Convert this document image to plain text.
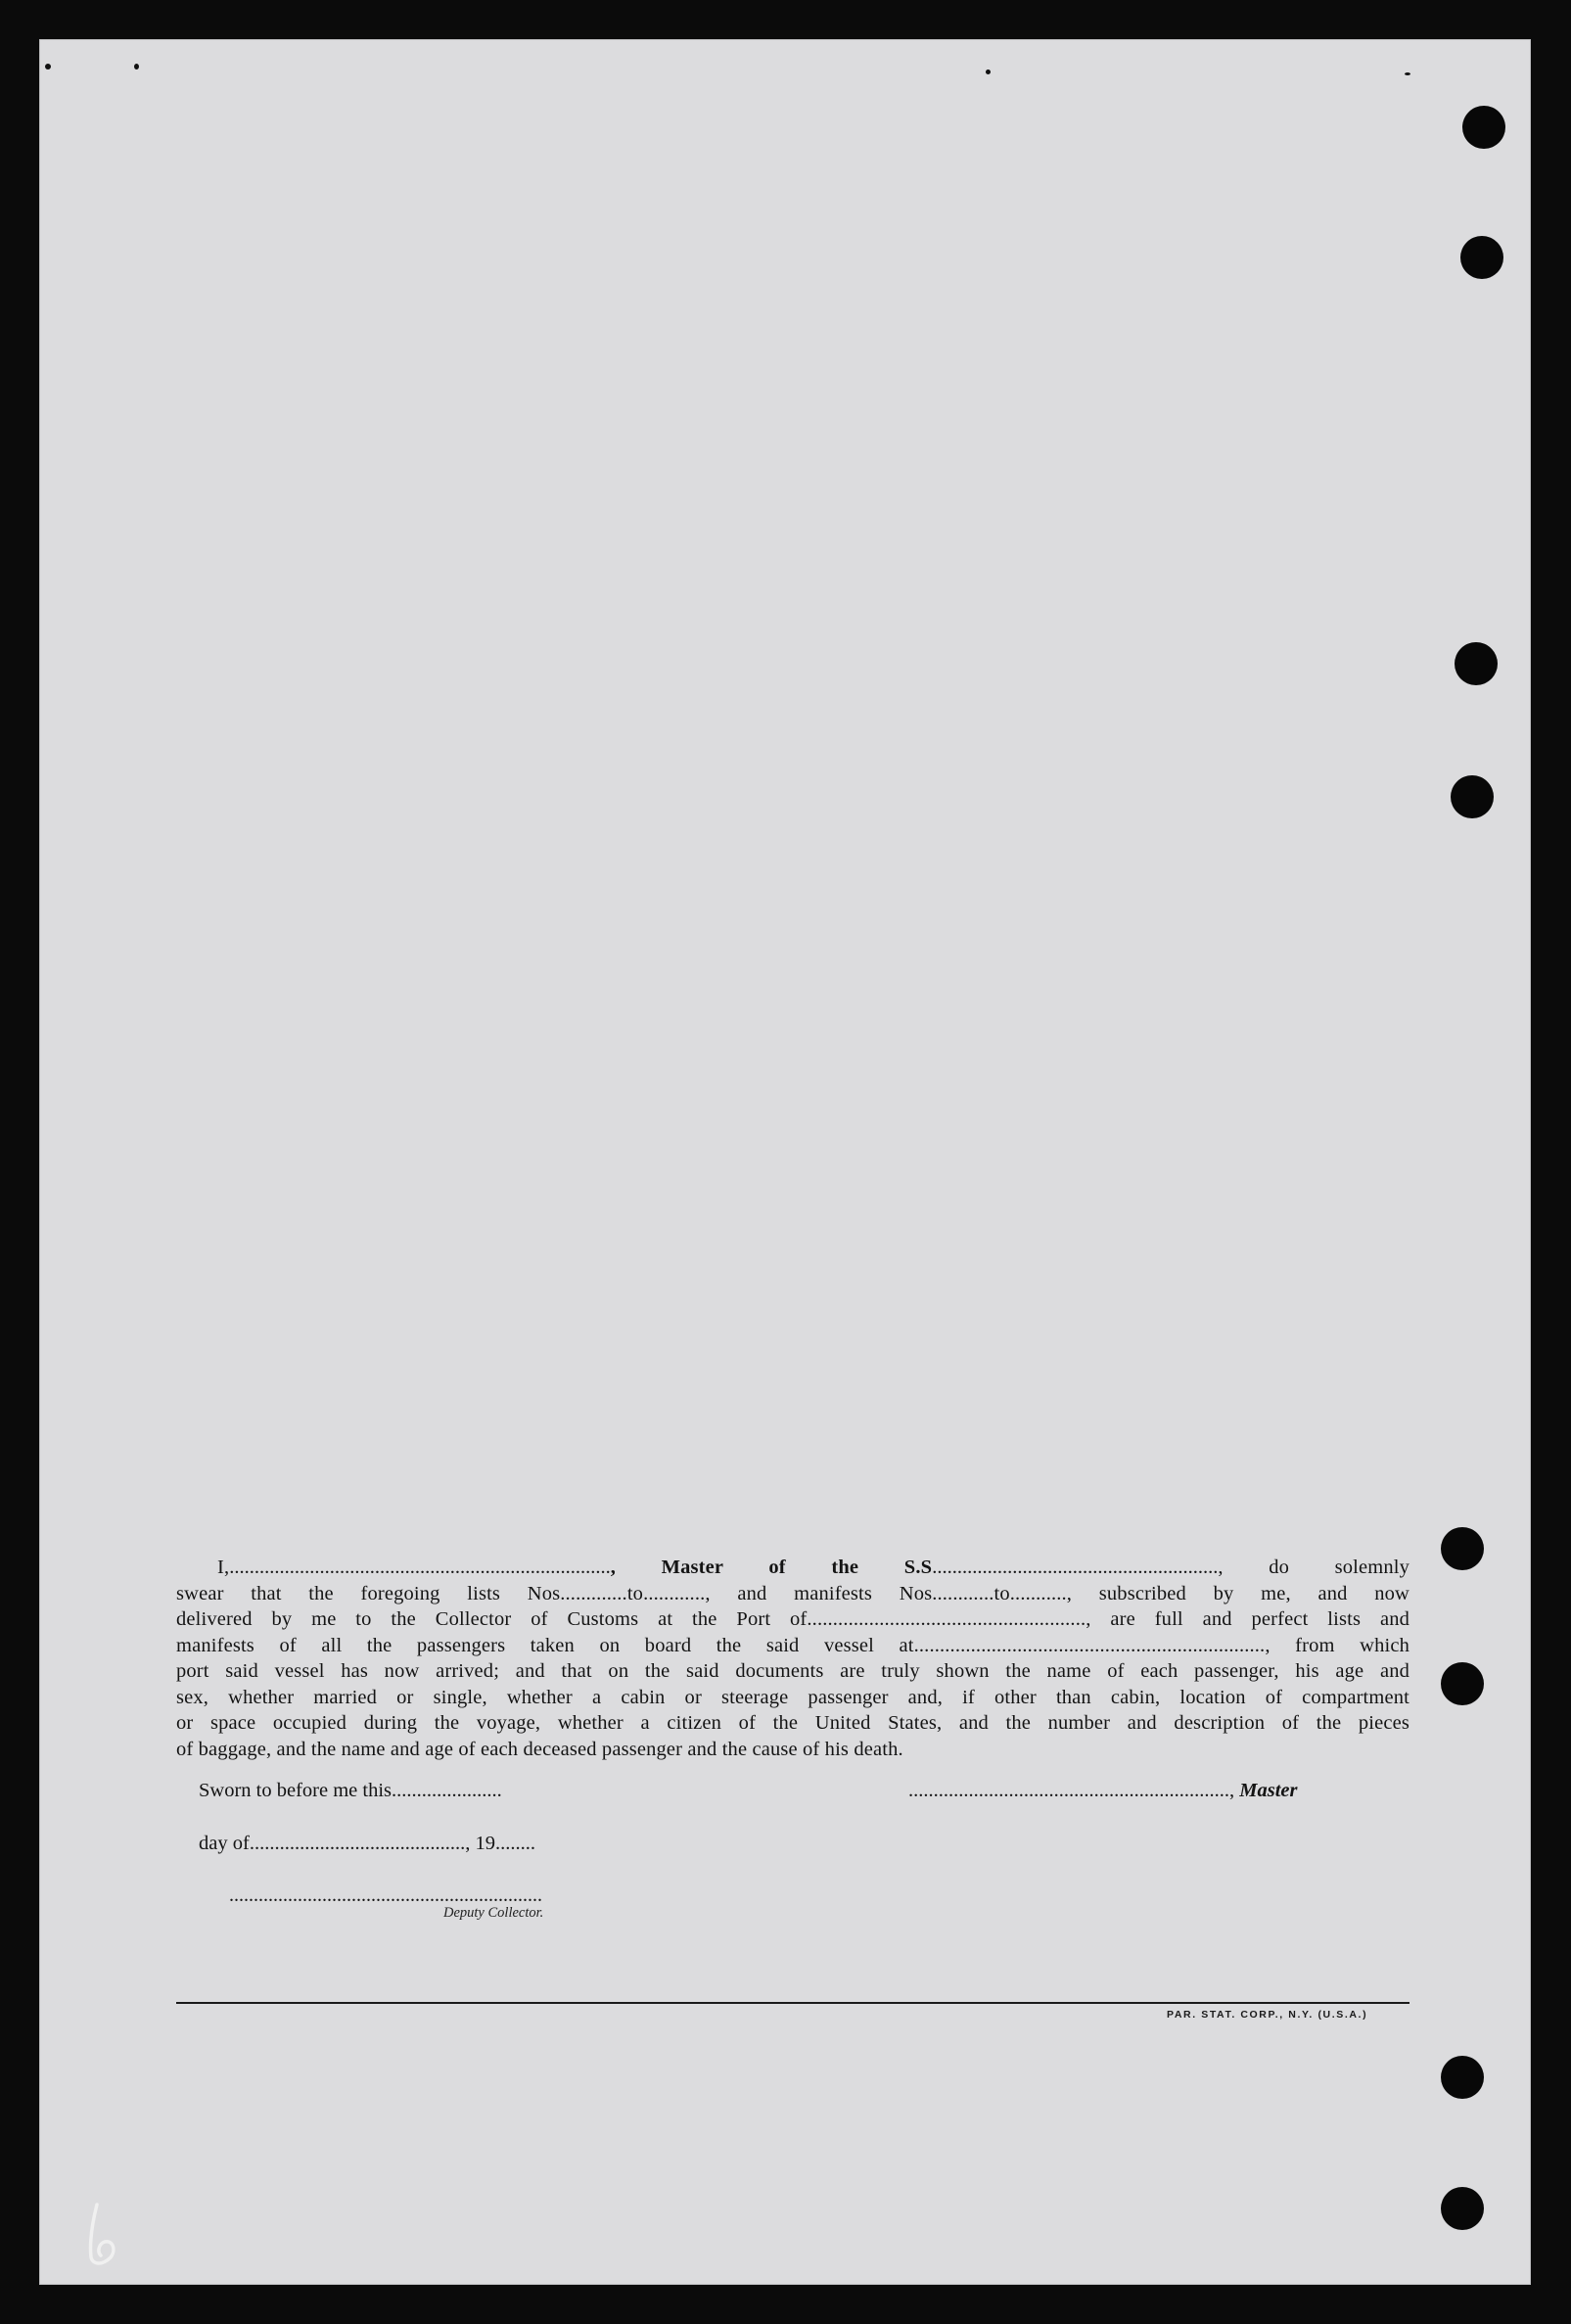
I,............................................................................, Master of the S.S........................................................., do solemnly
swear that the foregoing lists Nos.............to............, and manifests Nos............to..........., subscribed by me, and now
delivered by me to the Collector of Customs at the Port of......................................................, are full and perfect lists and
manifests of all the passengers taken on board the said vessel at...................................................................., from which
port said vessel has now arrived; and that on the said documents are truly shown the name of each passenger, his age and
sex, whether married or single, whether a cabin or steerage passenger and, if other than cabin, location of compartment
or space occupied during the voyage, whether a citizen of the United States, and the number and description of the pieces
of baggage, and the name and age of each deceased passenger and the cause of his death.
Sworn to before me this......................	................................................................, Master
day of..........................................., 19........
................................................................
Deputy Collector.
PAR. STAT. CORP., N.Y. (U.S.A.)
